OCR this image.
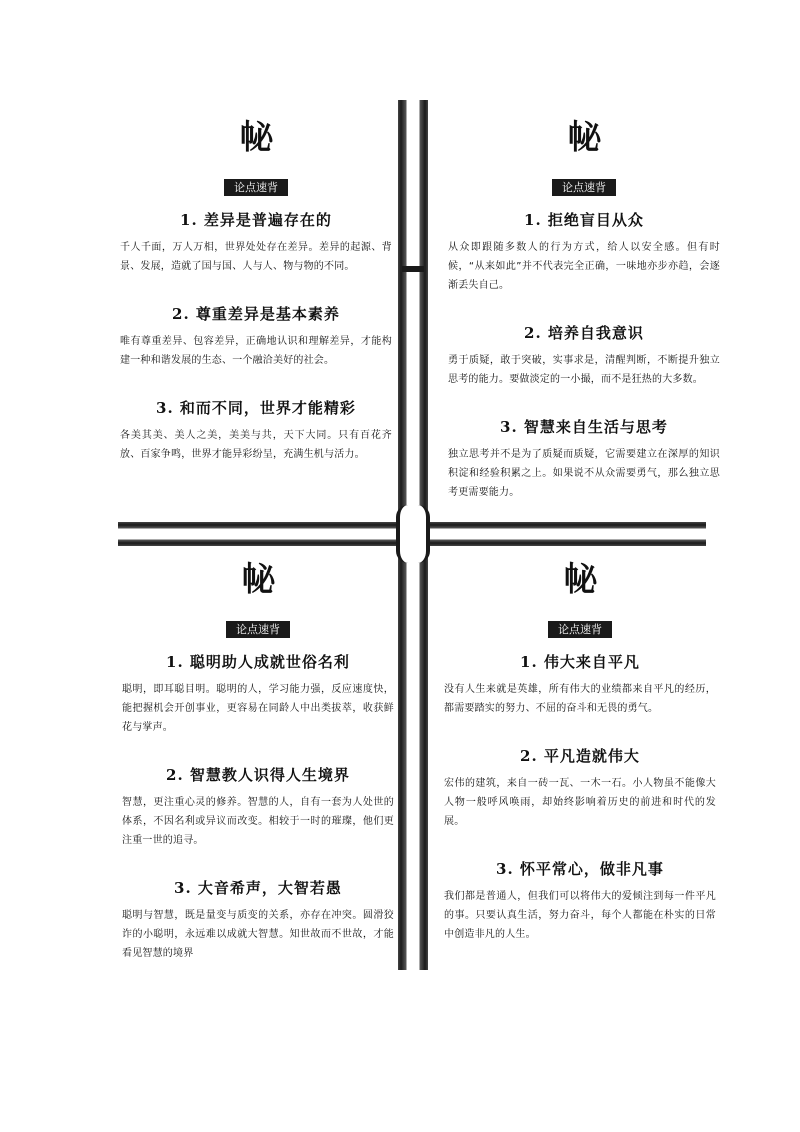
𢁽
论点速背
1. 差异是普遍存在的

千人千面，万人万相，世界处处存在差异。差异的起源、背景、发展，造就了国与国、人与人、物与物的不同。

2. 尊重差异是基本素养

唯有尊重差异、包容差异，正确地认识和理解差异，才能构建一种和谐发展的生态、一个融洽美好的社会。

3. 和而不同，世界才能精彩

各美其美、美人之美，美美与共，天下大同。只有百花齐放、百家争鸣，世界才能异彩纷呈，充满生机与活力。

𢁽
论点速背
1. 拒绝盲目从众

从众即跟随多数人的行为方式，给人以安全感。但有时候，“从来如此”并不代表完全正确，一味地亦步亦趋，会逐渐丢失自己。

2. 培养自我意识

勇于质疑，敢于突破，实事求是，清醒判断，不断提升独立思考的能力。要做淡定的一小撮，而不是狂热的大多数。

3. 智慧来自生活与思考

独立思考并不是为了质疑而质疑，它需要建立在深厚的知识积淀和经验积累之上。如果说不从众需要勇气，那么独立思考更需要能力。

𢁽
论点速背
1. 聪明助人成就世俗名利

聪明，即耳聪目明。聪明的人，学习能力强，反应速度快，能把握机会开创事业，更容易在同龄人中出类拔萃，收获鲜花与掌声。

2. 智慧教人识得人生境界

智慧，更注重心灵的修养。智慧的人，自有一套为人处世的体系，不因名利或异议而改变。相较于一时的璀璨，他们更注重一世的追寻。

3. 大音希声，大智若愚

聪明与智慧，既是量变与质变的关系，亦存在冲突。圆滑狡诈的小聪明，永远难以成就大智慧。知世故而不世故，才能看见智慧的境界

𢁽
论点速背
1. 伟大来自平凡

没有人生来就是英雄，所有伟大的业绩都来自平凡的经历，都需要踏实的努力、不屈的奋斗和无畏的勇气。

2. 平凡造就伟大

宏伟的建筑，来自一砖一瓦、一木一石。小人物虽不能像大人物一般呼风唤雨，却始终影响着历史的前进和时代的发展。

3. 怀平常心，做非凡事

我们都是普通人，但我们可以将伟大的爱倾注到每一件平凡的事。只要认真生活，努力奋斗，每个人都能在朴实的日常中创造非凡的人生。
